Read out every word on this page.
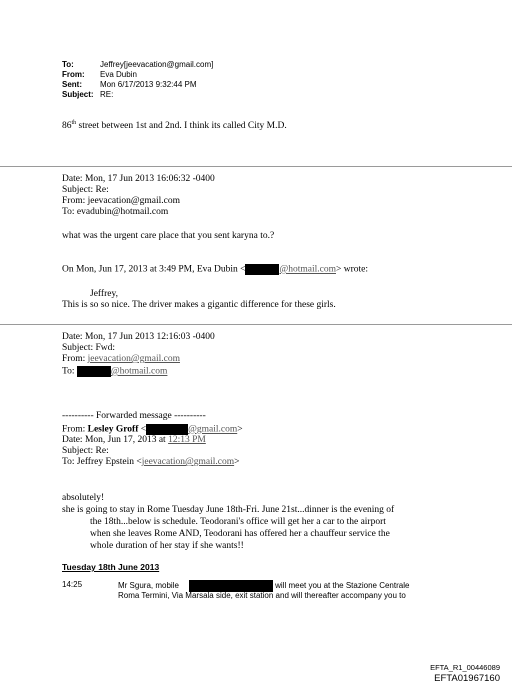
To:	Jeffrey[jeevacation@gmail.com]
From: Eva Dubin
Sent: Mon 6/17/2013 9:32:44 PM
Subject: RE:
86th street between 1st and 2nd. I think its called City M.D.
Date: Mon, 17 Jun 2013 16:06:32 -0400
Subject: Re:
From: jeevacation@gmail.com
To: evadubin@hotmail.com
what was the urgent care place that you sent karyna to.?
On Mon, Jun 17, 2013 at 3:49 PM, Eva Dubin <	@hotmail.com> wrote:
Jeffrey,
This is so so nice. The driver makes a gigantic difference for these girls.
Date: Mon, 17 Jun 2013 12:16:03 -0400
Subject: Fwd:
From: jeevacation@gmail.com
To:	@hotmail.com
---------- Forwarded message ----------
From: Lesley Groff <	@gmail.com>
Date: Mon, Jun 17, 2013 at 12:13 PM
Subject: Re:
To: Jeffrey Epstein <jeevacation@gmail.com>
absolutely!
she is going to stay in Rome Tuesday June 18th-Fri. June 21st...dinner is the evening of
the 18th...below is schedule. Teodorani's office will get her a car to the airport
when she leaves Rome AND, Teodorani has offered her a chauffeur service the
whole duration of her stay if she wants!!
Tuesday 18th June 2013
14:25	Mr Sgura, mobile	will meet you at the Stazione Centrale
Roma Termini, Via Marsala side, exit station and will thereafter accompany you to
EFTA_R1_00446089
EFTA01967160
